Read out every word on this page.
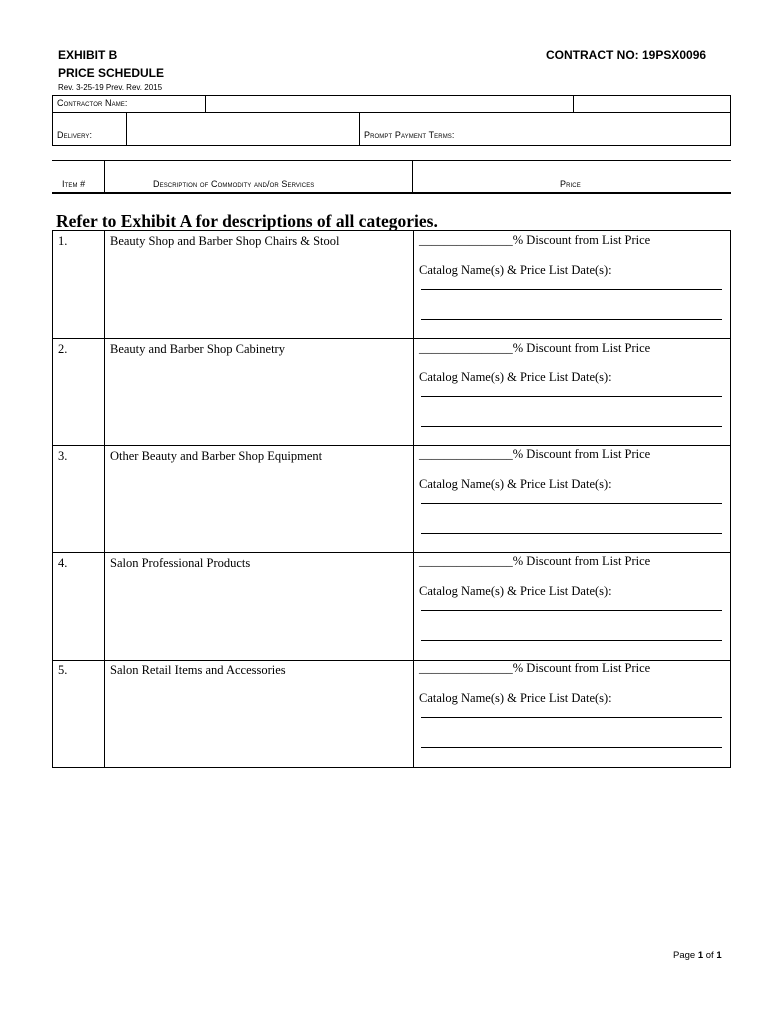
EXHIBIT B
PRICE SCHEDULE
CONTRACT NO: 19PSX0096
Rev. 3-25-19 Prev. Rev. 2015
Contractor Name:
Delivery:	Prompt Payment Terms:
Item #	Description of Commodity and/or Services	Price
Refer to Exhibit A for descriptions of all categories.
1.	Beauty Shop and Barber Shop Chairs & Stool	_______________% Discount from List Price
Catalog Name(s) & Price List Date(s):
2.	Beauty and Barber Shop Cabinetry	_______________% Discount from List Price
Catalog Name(s) & Price List Date(s):
3.	Other Beauty and Barber Shop Equipment	_______________% Discount from List Price
Catalog Name(s) & Price List Date(s):
4.	Salon Professional Products	_______________% Discount from List Price
Catalog Name(s) & Price List Date(s):
5.	Salon Retail Items and Accessories	_______________% Discount from List Price
Catalog Name(s) & Price List Date(s):
Page 1 of 1
